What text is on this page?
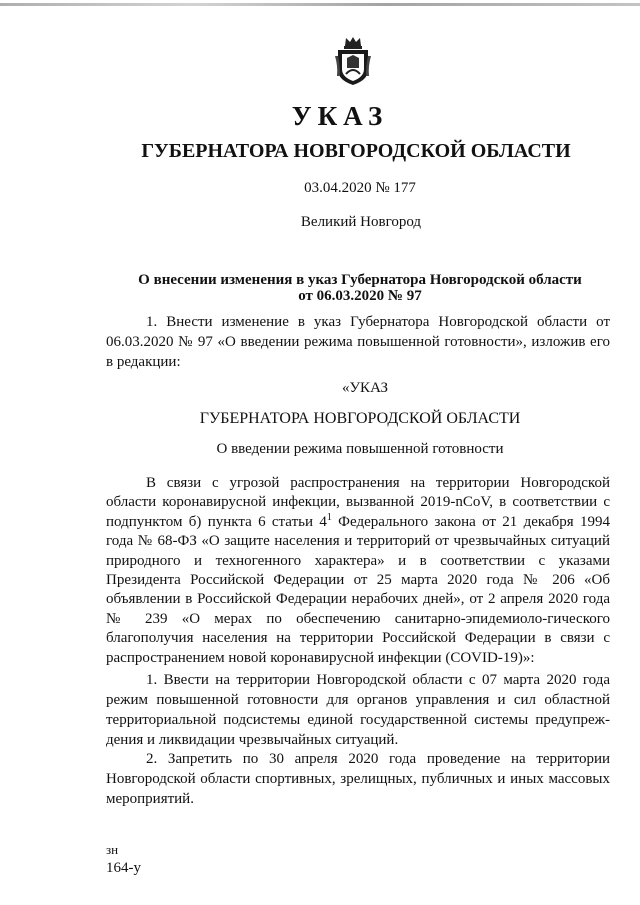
УКАЗ
ГУБЕРНАТОРА НОВГОРОДСКОЙ ОБЛАСТИ
03.04.2020 № 177
Великий Новгород
О внесении изменения в указ Губернатора Новгородской области
от 06.03.2020 № 97
1. Внести изменение в указ Губернатора Новгородской области от 06.03.2020 № 97 «О введении режима повышенной готовности», изложив его в редакции:
«УКАЗ
ГУБЕРНАТОРА НОВГОРОДСКОЙ ОБЛАСТИ
О введении режима повышенной готовности
В связи с угрозой распространения на территории Новгородской области коронавирусной инфекции, вызванной 2019-nCoV, в соответствии с подпунктом б) пункта 6 статьи $4^1$ Федерального закона от 21 декабря 1994 года № 68-ФЗ «О защите населения и территорий от чрезвычайных ситуаций природного и техногенного характера» и в соответствии с указами Президента Российской Федерации от 25 марта 2020 года № 206 «Об объявлении в Российской Федерации нерабочих дней», от 2 апреля 2020 года № 239 «О мерах по обеспечению санитарно-эпидемиоло-гического благополучия населения на территории Российской Федерации в связи с распространением новой коронавирусной инфекции (COVID-19)»:
1. Ввести на территории Новгородской области с 07 марта 2020 года режим повышенной готовности для органов управления и сил областной территориальной подсистемы единой государственной системы предупреж-дения и ликвидации чрезвычайных ситуаций.
2. Запретить по 30 апреля 2020 года проведение на территории Новгородской области спортивных, зрелищных, публичных и иных массовых мероприятий.
зн
164-у
